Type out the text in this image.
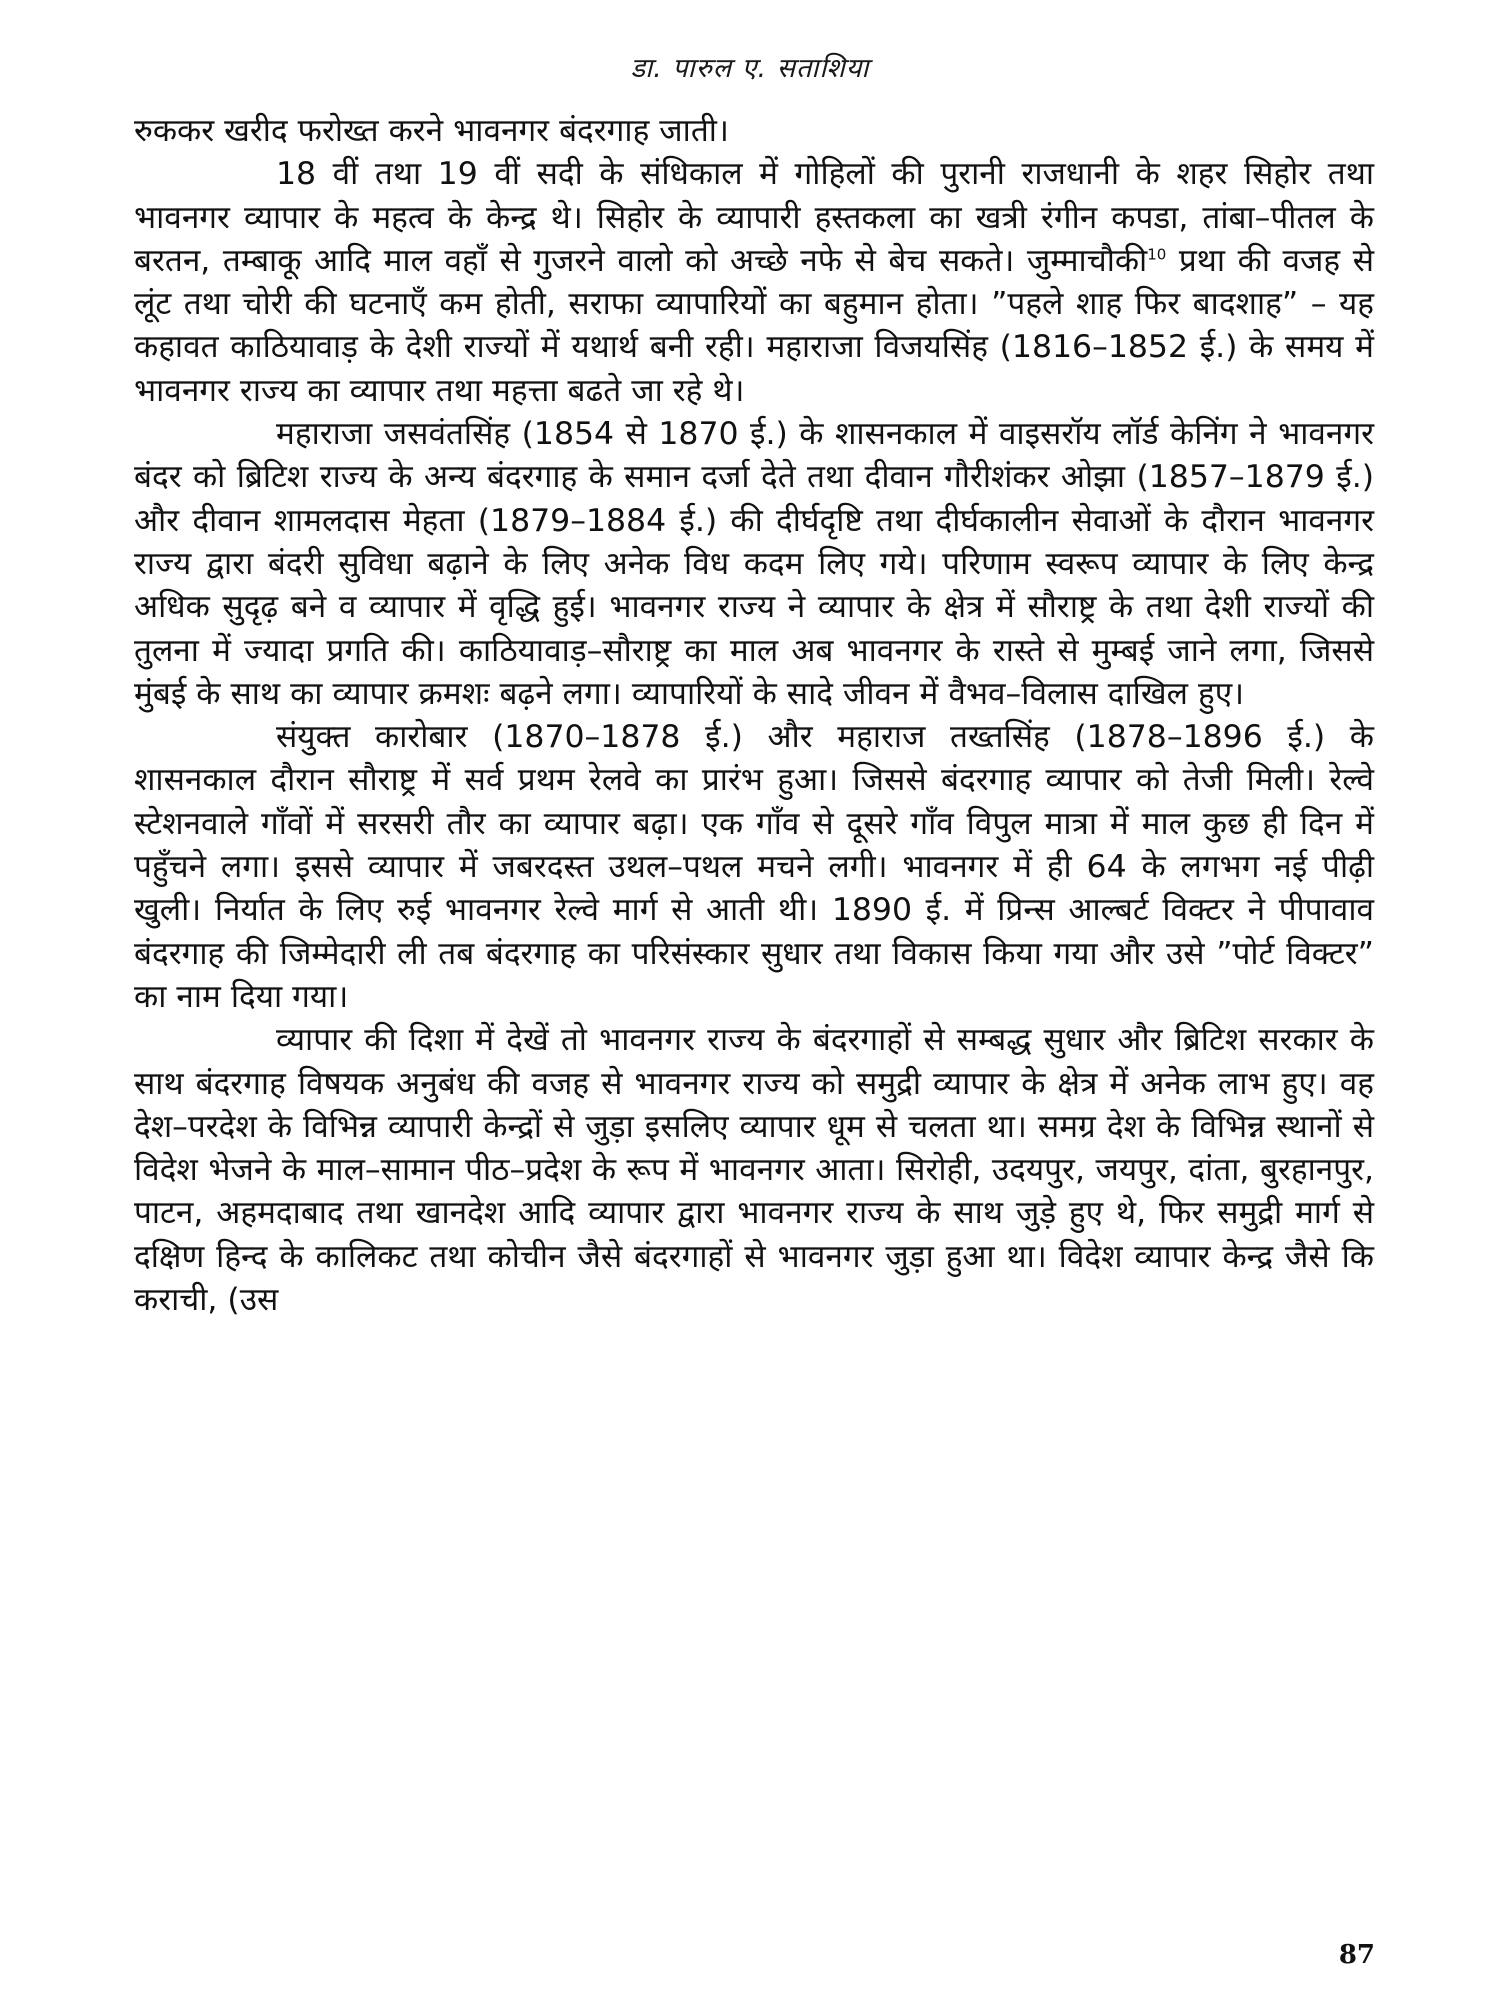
डा. पारुल ए. सताशिया

रुककर खरीद फरोख्त करने भावनगर बंदरगाह जाती।

18 वीं तथा 19 वीं सदी के संधिकाल में गोहिलों की पुरानी राजधानी के शहर सिहोर तथा भावनगर व्यापार के महत्व के केन्द्र थे। सिहोर के व्यापारी हस्तकला का खत्री रंगीन कपडा, तांबा–पीतल के बरतन, तम्बाकू आदि माल वहाँ से गुजरने वालो को अच्छे नफे से बेच सकते। जुम्माचौकी$^{10}$ प्रथा की वजह से लूंट तथा चोरी की घटनाएँ कम होती, सराफा व्यापारियों का बहुमान होता। ”पहले शाह फिर बादशाह” – यह कहावत काठियावाड़ के देशी राज्यों में यथार्थ बनी रही। महाराजा विजयसिंह (1816–1852 ई.) के समय में भावनगर राज्य का व्यापार तथा महत्ता बढते जा रहे थे।

महाराजा जसवंतसिंह (1854 से 1870 ई.) के शासनकाल में वाइसरॉय लॉर्ड केनिंग ने भावनगर बंदर को ब्रिटिश राज्य के अन्य बंदरगाह के समान दर्जा देते तथा दीवान गौरीशंकर ओझा (1857–1879 ई.) और दीवान शामलदास मेहता (1879–1884 ई.) की दीर्घदृष्टि तथा दीर्घकालीन सेवाओं के दौरान भावनगर राज्य द्वारा बंदरी सुविधा बढ़ाने के लिए अनेक विध कदम लिए गये। परिणाम स्वरूप व्यापार के लिए केन्द्र अधिक सुदृढ़ बने व व्यापार में वृद्धि हुई। भावनगर राज्य ने व्यापार के क्षेत्र में सौराष्ट्र के तथा देशी राज्यों की तुलना में ज्यादा प्रगति की। काठियावाड़–सौराष्ट्र का माल अब भावनगर के रास्ते से मुम्बई जाने लगा, जिससे मुंबई के साथ का व्यापार क्रमशः बढ़ने लगा। व्यापारियों के सादे जीवन में वैभव–विलास दाखिल हुए।

संयुक्त कारोबार (1870–1878 ई.) और महाराज तख्तसिंह (1878–1896 ई.) के शासनकाल दौरान सौराष्ट्र में सर्व प्रथम रेलवे का प्रारंभ हुआ। जिससे बंदरगाह व्यापार को तेजी मिली। रेल्वे स्टेशनवाले गाँवों में सरसरी तौर का व्यापार बढ़ा। एक गाँव से दूसरे गाँव विपुल मात्रा में माल कुछ ही दिन में पहुँचने लगा। इससे व्यापार में जबरदस्त उथल–पथल मचने लगी। भावनगर में ही 64 के लगभग नई पीढ़ी खुली। निर्यात के लिए रुई भावनगर रेल्वे मार्ग से आती थी। 1890 ई. में प्रिन्स आल्बर्ट विक्टर ने पीपावाव बंदरगाह की जिम्मेदारी ली तब बंदरगाह का परिसंस्कार सुधार तथा विकास किया गया और उसे ”पोर्ट विक्टर” का नाम दिया गया।

व्यापार की दिशा में देखें तो भावनगर राज्य के बंदरगाहों से सम्बद्ध सुधार और ब्रिटिश सरकार के साथ बंदरगाह विषयक अनुबंध की वजह से भावनगर राज्य को समुद्री व्यापार के क्षेत्र में अनेक लाभ हुए। वह देश–परदेश के विभिन्न व्यापारी केन्द्रों से जुड़ा इसलिए व्यापार धूम से चलता था। समग्र देश के विभिन्न स्थानों से विदेश भेजने के माल–सामान पीठ–प्रदेश के रूप में भावनगर आता। सिरोही, उदयपुर, जयपुर, दांता, बुरहानपुर, पाटन, अहमदाबाद तथा खानदेश आदि व्यापार द्वारा भावनगर राज्य के साथ जुड़े हुए थे, फिर समुद्री मार्ग से दक्षिण हिन्द के कालिकट तथा कोचीन जैसे बंदरगाहों से भावनगर जुड़ा हुआ था। विदेश व्यापार केन्द्र जैसे कि कराची, (उस

87
